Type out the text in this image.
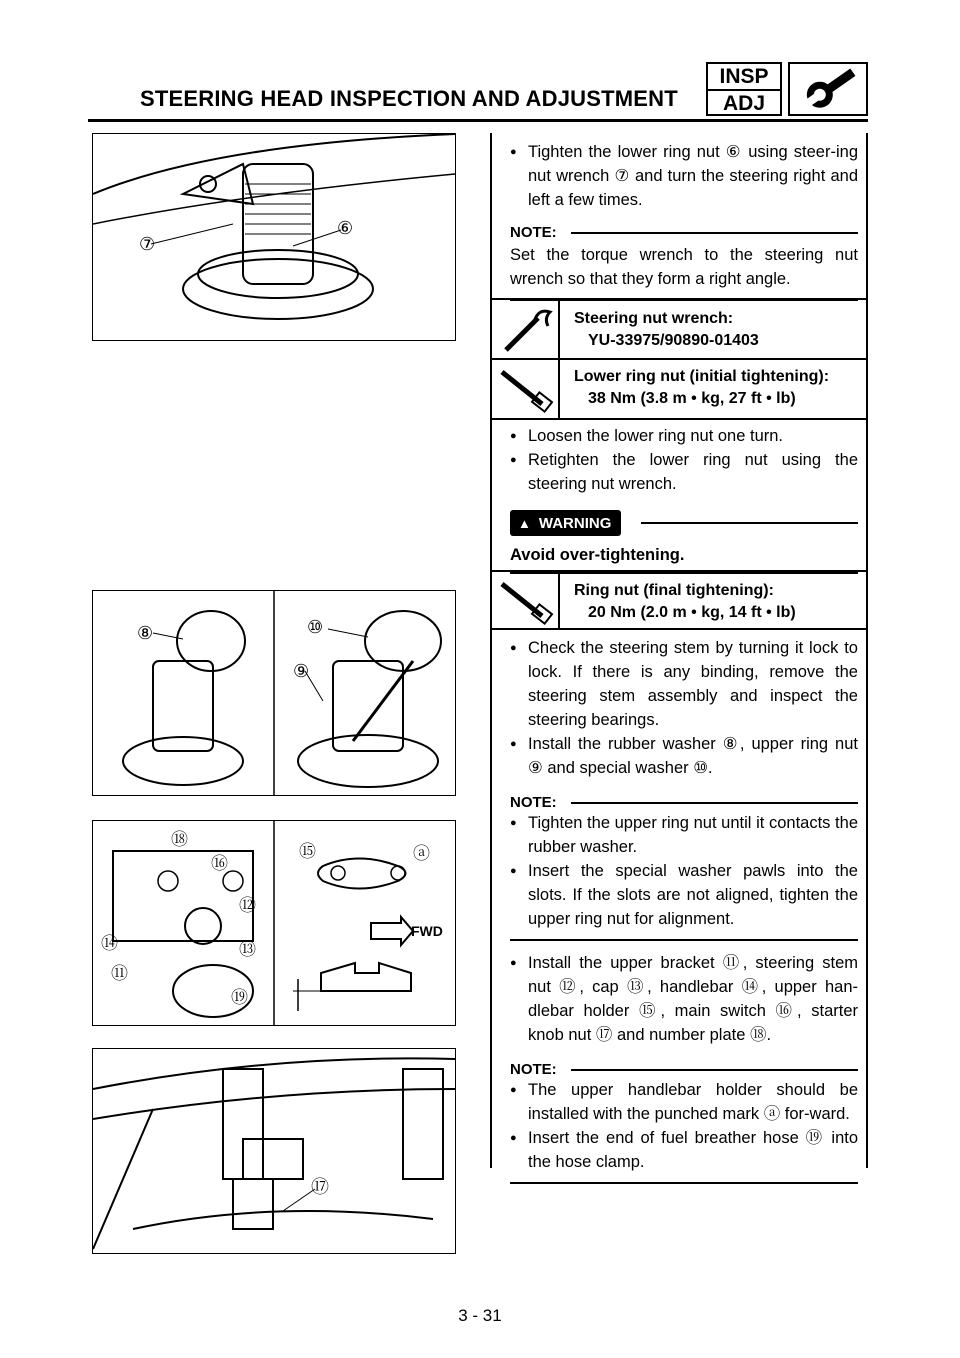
STEERING HEAD INSPECTION AND ADJUSTMENT
INSP
ADJ
⑦
⑥
⑧	⑩
⑨
⑱
⑯
⑫
⑭	⑬
⑪
⑲
⑮	ⓐ
FWD
⑰
● Tighten the lower ring nut ⑥ using steer-ing nut wrench ⑦ and turn the steering right and left a few times.
NOTE:
Set the torque wrench to the steering nut wrench so that they form a right angle.
Steering nut wrench:
YU-33975/90890-01403
Lower ring nut (initial tightening):
38 Nm (3.8 m • kg, 27 ft • lb)
● Loosen the lower ring nut one turn.
● Retighten the lower ring nut using the steering nut wrench.
▲ WARNING
Avoid over-tightening.
Ring nut (final tightening):
20 Nm (2.0 m • kg, 14 ft • lb)
● Check the steering stem by turning it lock to lock. If there is any binding, remove the steering stem assembly and inspect the steering bearings.
● Install the rubber washer ⑧, upper ring nut ⑨ and special washer ⑩.
NOTE:
● Tighten the upper ring nut until it contacts the rubber washer.
● Insert the special washer pawls into the slots. If the slots are not aligned, tighten the upper ring nut for alignment.
● Install the upper bracket ⑪, steering stem nut ⑫, cap ⑬, handlebar ⑭, upper han-dlebar holder ⑮, main switch ⑯, starter knob nut ⑰ and number plate ⑱.
NOTE:
● The upper handlebar holder should be installed with the punched mark ⓐ for-ward.
● Insert the end of fuel breather hose ⑲ into the hose clamp.
3 - 31
